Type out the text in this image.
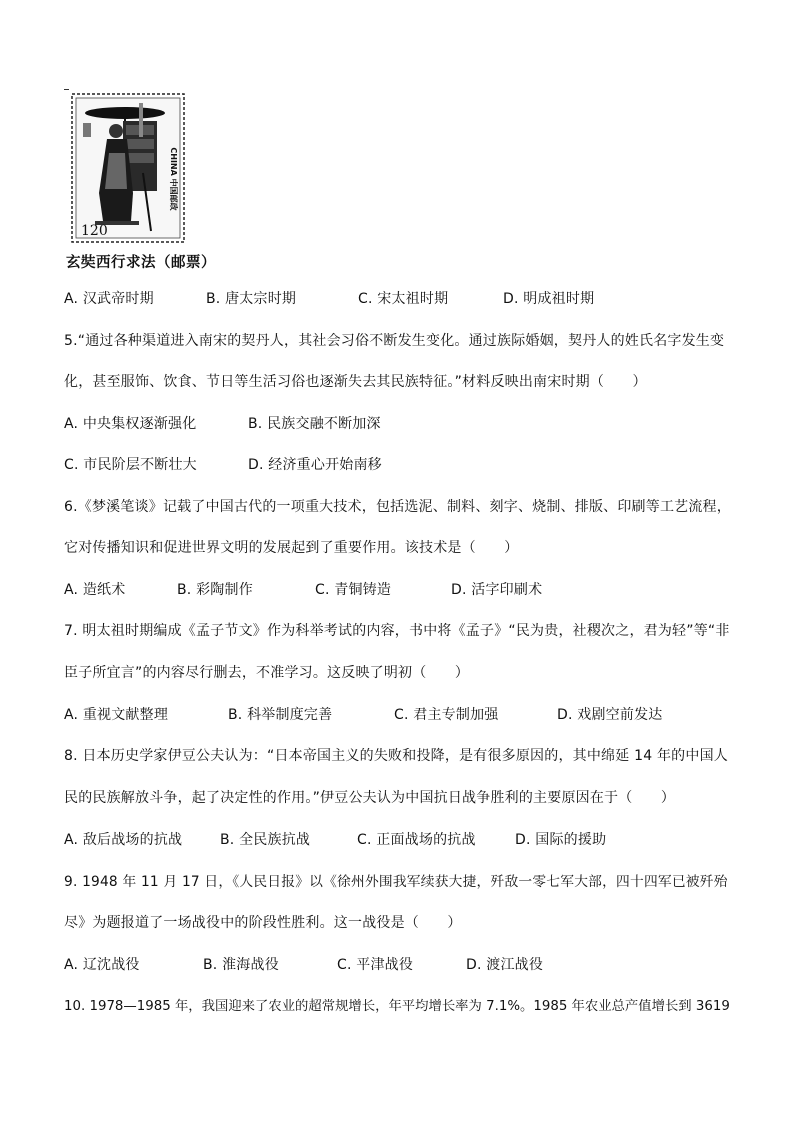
CHINA 中国邮政
120
玄奘西行求法（邮票）
A. 汉武帝时期	B. 唐太宗时期	C. 宋太祖时期	D. 明成祖时期
5.“通过各种渠道进入南宋的契丹人，其社会习俗不断发生变化。通过族际婚姻，契丹人的姓氏名字发生变
化，甚至服饰、饮食、节日等生活习俗也逐渐失去其民族特征。”材料反映出南宋时期（　　）
A. 中央集权逐渐强化	B. 民族交融不断加深
C. 市民阶层不断壮大	D. 经济重心开始南移
6.《梦溪笔谈》记载了中国古代的一项重大技术，包括选泥、制料、刻字、烧制、排版、印刷等工艺流程，
它对传播知识和促进世界文明的发展起到了重要作用。该技术是（　　）
A. 造纸术	B. 彩陶制作	C. 青铜铸造	D. 活字印刷术
7. 明太祖时期编成《孟子节文》作为科举考试的内容，书中将《孟子》“民为贵，社稷次之，君为轻”等“非
臣子所宜言”的内容尽行删去，不准学习。这反映了明初（　　）
A. 重视文献整理	B. 科举制度完善	C. 君主专制加强	D. 戏剧空前发达
8. 日本历史学家伊豆公夫认为：“日本帝国主义的失败和投降，是有很多原因的，其中绵延 14 年的中国人
民的民族解放斗争，起了决定性的作用。”伊豆公夫认为中国抗日战争胜利的主要原因在于（　　）
A. 敌后战场的抗战	B. 全民族抗战	C. 正面战场的抗战	D. 国际的援助
9. 1948 年 11 月 17 日，《人民日报》以《徐州外围我军续获大捷，歼敌一零七军大部，四十四军已被歼殆
尽》为题报道了一场战役中的阶段性胜利。这一战役是（　　）
A. 辽沈战役	B. 淮海战役	C. 平津战役	D. 渡江战役
10. 1978—1985 年，我国迎来了农业的超常规增长，年平均增长率为 7.1%。1985 年农业总产值增长到 3619
